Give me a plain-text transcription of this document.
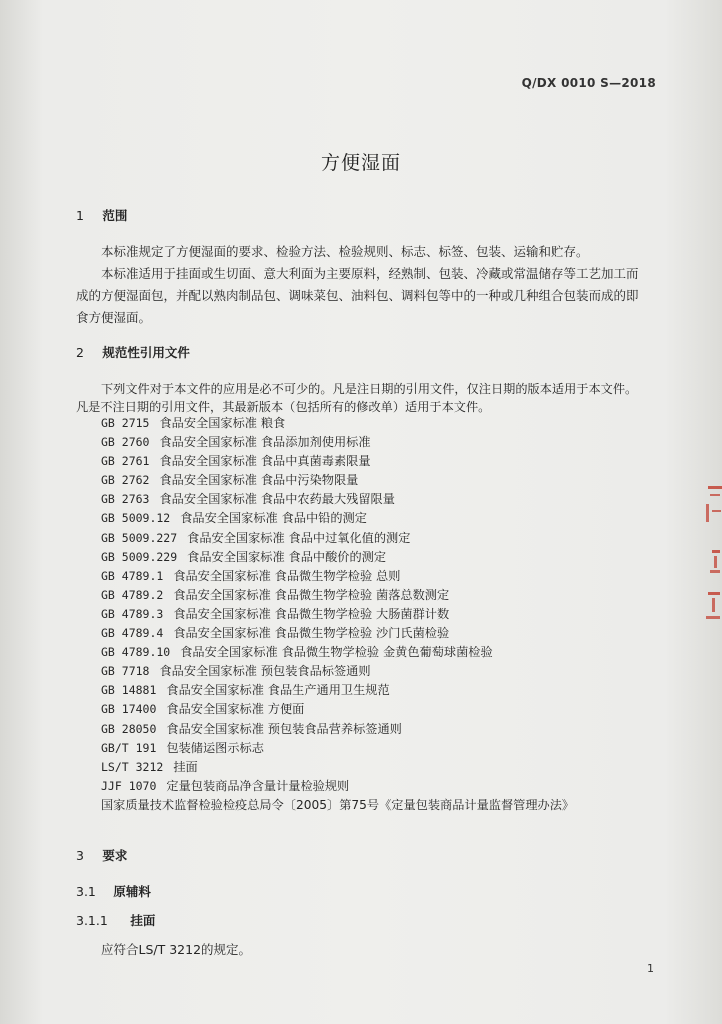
Q/DX 0010 S—2018
方便湿面
1 范围
本标准规定了方便湿面的要求、检验方法、检验规则、标志、标签、包装、运输和贮存。
本标准适用于挂面或生切面、意大利面为主要原料，经熟制、包装、冷藏或常温储存等工艺加工而
成的方便湿面包，并配以熟肉制品包、调味菜包、油料包、调料包等中的一种或几种组合包装而成的即
食方便湿面。
2 规范性引用文件
下列文件对于本文件的应用是必不可少的。凡是注日期的引用文件，仅注日期的版本适用于本文件。
凡是不注日期的引用文件，其最新版本（包括所有的修改单）适用于本文件。
GB 2715 食品安全国家标准 粮食
GB 2760 食品安全国家标准 食品添加剂使用标准
GB 2761 食品安全国家标准 食品中真菌毒素限量
GB 2762 食品安全国家标准 食品中污染物限量
GB 2763 食品安全国家标准 食品中农药最大残留限量
GB 5009.12 食品安全国家标准 食品中铅的测定
GB 5009.227 食品安全国家标准 食品中过氧化值的测定
GB 5009.229 食品安全国家标准 食品中酸价的测定
GB 4789.1 食品安全国家标准 食品微生物学检验 总则
GB 4789.2 食品安全国家标准 食品微生物学检验 菌落总数测定
GB 4789.3 食品安全国家标准 食品微生物学检验 大肠菌群计数
GB 4789.4 食品安全国家标准 食品微生物学检验 沙门氏菌检验
GB 4789.10 食品安全国家标准 食品微生物学检验 金黄色葡萄球菌检验
GB 7718 食品安全国家标准 预包装食品标签通则
GB 14881 食品安全国家标准 食品生产通用卫生规范
GB 17400 食品安全国家标准 方便面
GB 28050 食品安全国家标准 预包装食品营养标签通则
GB/T 191 包装储运图示标志
LS/T 3212 挂面
JJF 1070 定量包装商品净含量计量检验规则
国家质量技术监督检验检疫总局令〔2005〕第75号《定量包装商品计量监督管理办法》
3 要求
3.1 原辅料
3.1.1 挂面
应符合LS/T 3212的规定。
1
